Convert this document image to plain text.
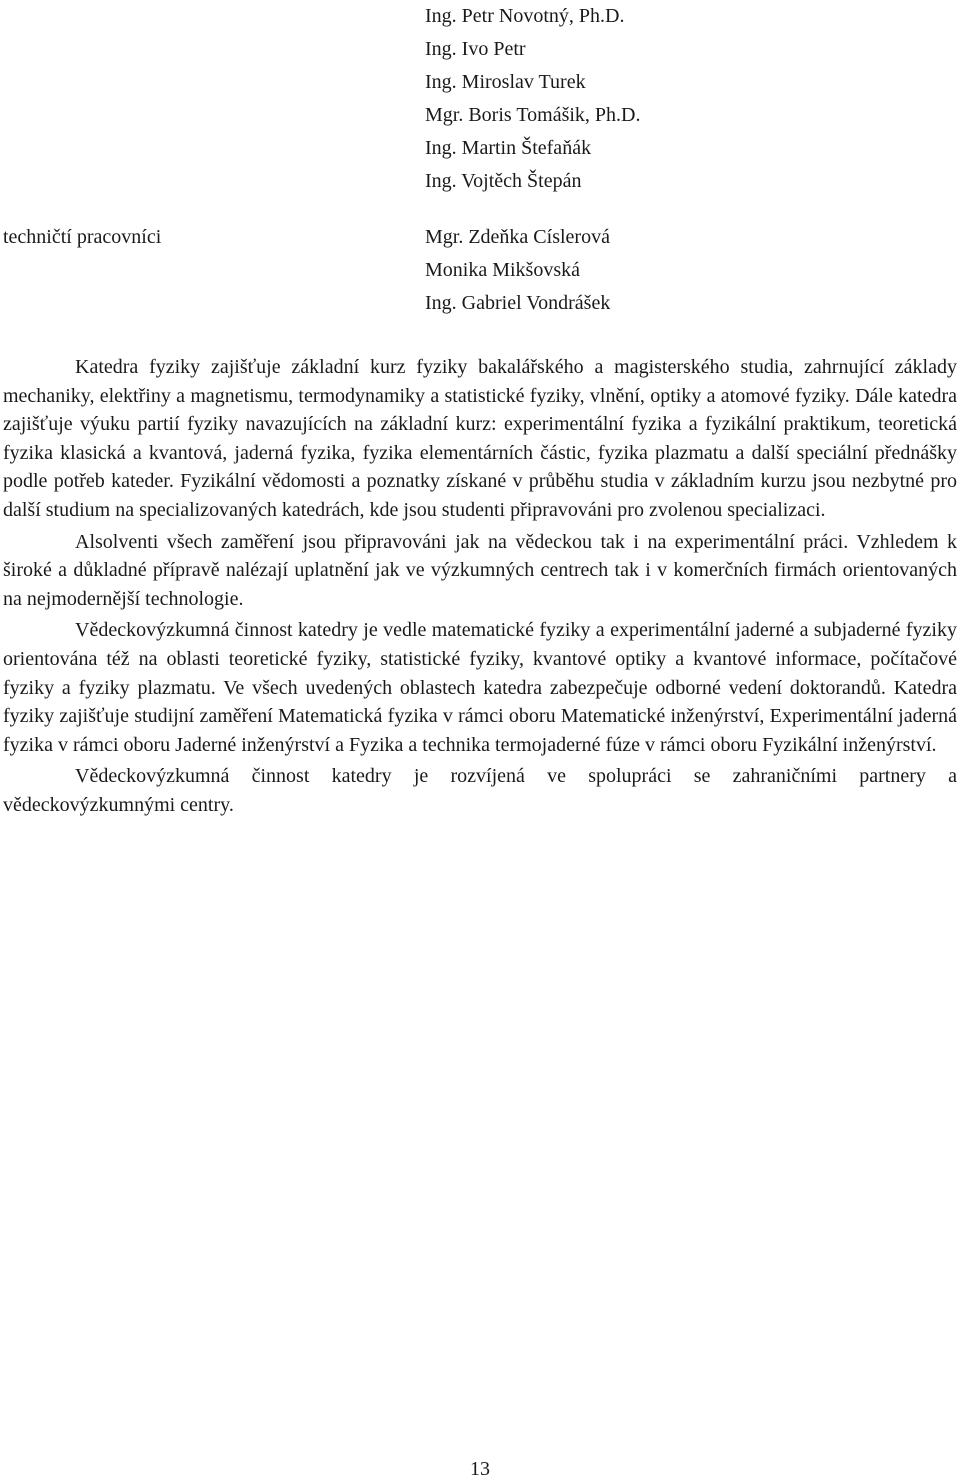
Ing. Petr Novotný, Ph.D.
Ing. Ivo Petr
Ing. Miroslav Turek
Mgr. Boris Tomášik, Ph.D.
Ing. Martin Štefaňák
Ing. Vojtěch Štepán
techničtí pracovníci	Mgr. Zdeňka Císlerová
Monika Mikšovská
Ing. Gabriel Vondrášek

Katedra fyziky zajišťuje základní kurz fyziky bakalářského a magisterského studia, zahrnující základy mechaniky, elektřiny a magnetismu, termodynamiky a statistické fyziky, vlnění, optiky a atomové fyziky. Dále katedra zajišťuje výuku partií fyziky navazujících na základní kurz: experimentální fyzika a fyzikální praktikum, teoretická fyzika klasická a kvantová, jaderná fyzika, fyzika elementárních částic, fyzika plazmatu a další speciální přednášky podle potřeb kateder. Fyzikální vědomosti a poznatky získané v průběhu studia v základním kurzu jsou nezbytné pro další studium na specializovaných katedrách, kde jsou studenti připravováni pro zvolenou specializaci.

Alsolventi všech zaměření jsou připravováni jak na vědeckou tak i na experimentální práci. Vzhledem k široké a důkladné přípravě nalézají uplatnění jak ve výzkumných centrech tak i v komerčních firmách orientovaných na nejmodernější technologie.

Vědeckovýzkumná činnost katedry je vedle matematické fyziky a experimentální jaderné a subjaderné fyziky orientována též na oblasti teoretické fyziky, statistické fyziky, kvantové optiky a kvantové informace, počítačové fyziky a fyziky plazmatu. Ve všech uvedených oblastech katedra zabezpečuje odborné vedení doktorandů. Katedra fyziky zajišťuje studijní zaměření Matematická fyzika v rámci oboru Matematické inženýrství, Experimentální jaderná fyzika v rámci oboru Jaderné inženýrství a Fyzika a technika termojaderné fúze v rámci oboru Fyzikální inženýrství.

Vědeckovýzkumná činnost katedry je rozvíjená ve spolupráci se zahraničními partnery a vědeckovýzkumnými centry.

13
